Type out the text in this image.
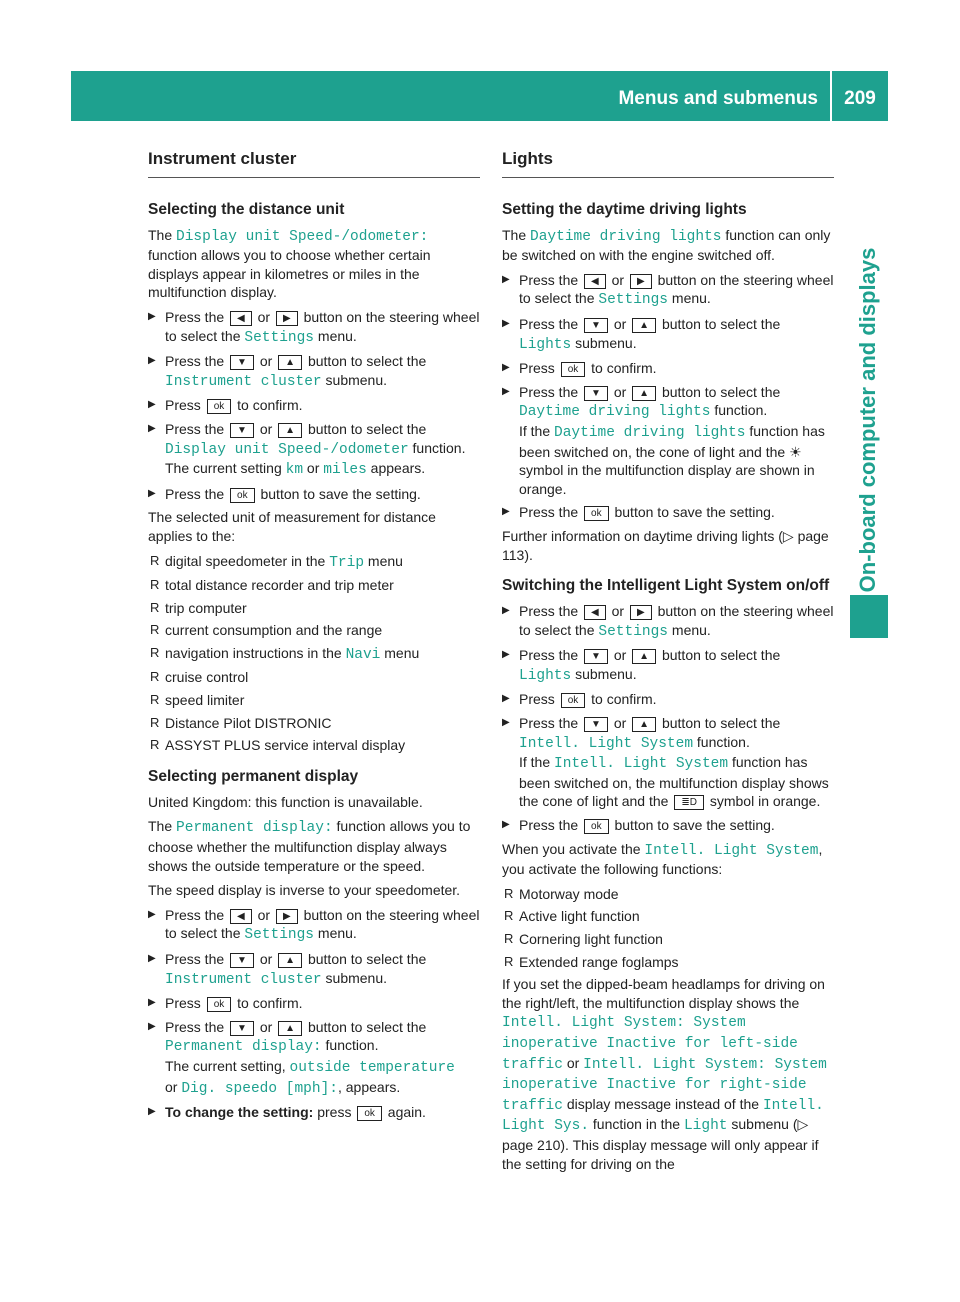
Menus and submenus	209
On-board computer and displays
Instrument cluster
Selecting the distance unit

The Display unit Speed-/odometer: function allows you to choose whether certain displays appear in kilometres or miles in the multifunction display.

▶ Press the ◀ or ▶ button on the steering wheel to select the Settings menu.
▶ Press the ▼ or ▲ button to select the Instrument cluster submenu.
▶ Press ok to confirm.
▶ Press the ▼ or ▲ button to select the Display unit Speed-/odometer function.
The current setting km or miles appears.
▶ Press the ok button to save the setting.

The selected unit of measurement for distance applies to the:

R digital speedometer in the Trip menu
R total distance recorder and trip meter
R trip computer
R current consumption and the range
R navigation instructions in the Navi menu
R cruise control
R speed limiter
R Distance Pilot DISTRONIC
R ASSYST PLUS service interval display
Selecting permanent display

United Kingdom: this function is unavailable.

The Permanent display: function allows you to choose whether the multifunction display always shows the outside temperature or the speed.

The speed display is inverse to your speedometer.

▶ Press the ◀ or ▶ button on the steering wheel to select the Settings menu.
▶ Press the ▼ or ▲ button to select the Instrument cluster submenu.
▶ Press ok to confirm.
▶ Press the ▼ or ▲ button to select the Permanent display: function.
The current setting, outside temperature
or Dig. speedo [mph]:, appears.
▶ To change the setting: press ok again.
Lights
Setting the daytime driving lights

The Daytime driving lights function can only be switched on with the engine switched off.

▶ Press the ◀ or ▶ button on the steering wheel to select the Settings menu.
▶ Press the ▼ or ▲ button to select the Lights submenu.
▶ Press ok to confirm.
▶ Press the ▼ or ▲ button to select the Daytime driving lights function.
If the Daytime driving lights function has been switched on, the cone of light and the ☀ symbol in the multifunction display are shown in orange.
▶ Press the ok button to save the setting.

Further information on daytime driving lights (▷ page 113).

Switching the Intelligent Light System on/off
▶ Press the ◀ or ▶ button on the steering wheel to select the Settings menu.
▶ Press the ▼ or ▲ button to select the Lights submenu.
▶ Press ok to confirm.
▶ Press the ▼ or ▲ button to select the Intell. Light System function.
If the Intell. Light System function has been switched on, the multifunction display shows the cone of light and the ≣D symbol in orange.
▶ Press the ok button to save the setting.

When you activate the Intell. Light System, you activate the following functions:

R Motorway mode
R Active light function
R Cornering light function
R Extended range foglamps

If you set the dipped-beam headlamps for driving on the right/left, the multifunction display shows the Intell. Light System: System inoperative Inactive for left-side traffic or Intell. Light System: System inoperative Inactive for right-side traffic display message instead of the Intell. Light Sys. function in the Light submenu (▷ page 210). This display message will only appear if the setting for driving on the
